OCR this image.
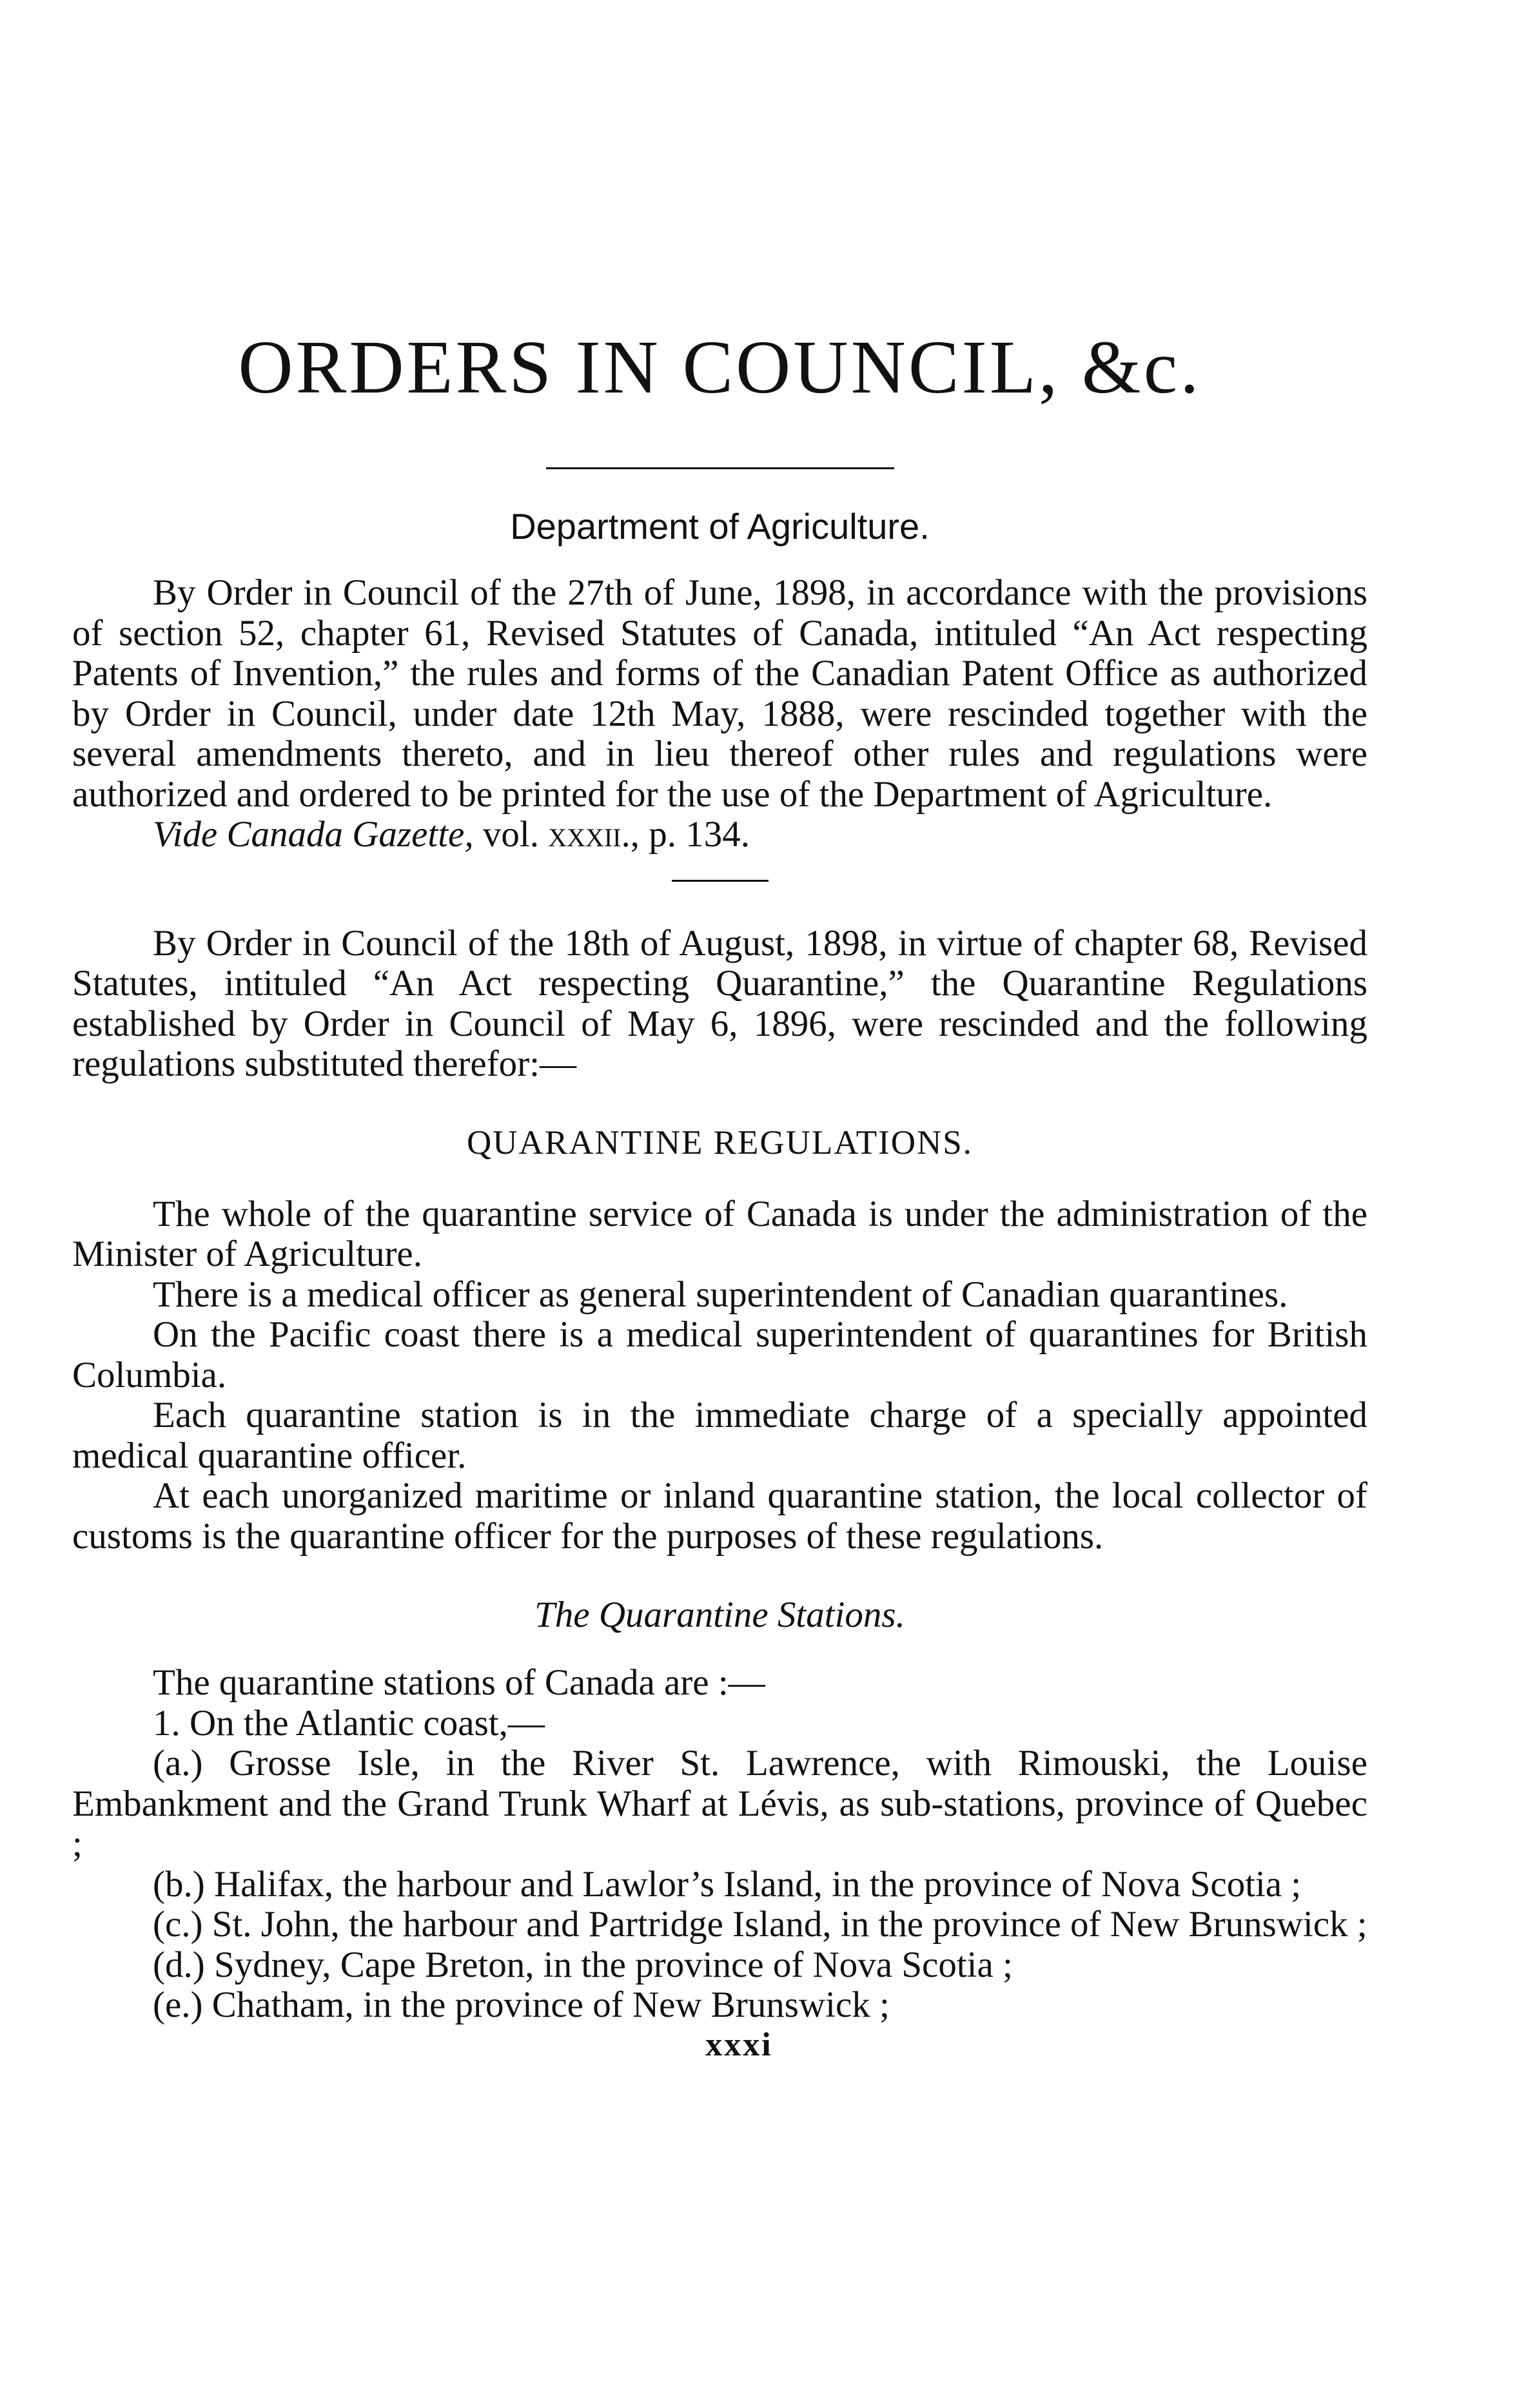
ORDERS IN COUNCIL, &c.
Department of Agriculture.

By Order in Council of the 27th of June, 1898, in accordance with the provisions of section 52, chapter 61, Revised Statutes of Canada, intituled “An Act respecting Patents of Invention,” the rules and forms of the Canadian Patent Office as authorized by Order in Council, under date 12th May, 1888, were rescinded together with the several amendments thereto, and in lieu thereof other rules and regulations were authorized and ordered to be printed for the use of the Department of Agriculture.

Vide Canada Gazette, vol. xxxii., p. 134.

By Order in Council of the 18th of August, 1898, in virtue of chapter 68, Revised Statutes, intituled “An Act respecting Quarantine,” the Quarantine Regulations established by Order in Council of May 6, 1896, were rescinded and the following regulations substituted therefor:—

QUARANTINE REGULATIONS.

The whole of the quarantine service of Canada is under the administration of the Minister of Agriculture.

There is a medical officer as general superintendent of Canadian quarantines.

On the Pacific coast there is a medical superintendent of quarantines for British Columbia.

Each quarantine station is in the immediate charge of a specially appointed medical quarantine officer.

At each unorganized maritime or inland quarantine station, the local collector of customs is the quarantine officer for the purposes of these regulations.

The Quarantine Stations.

The quarantine stations of Canada are :—

1. On the Atlantic coast,—

(a.) Grosse Isle, in the River St. Lawrence, with Rimouski, the Louise Embankment and the Grand Trunk Wharf at Lévis, as sub-stations, province of Quebec ;

(b.) Halifax, the harbour and Lawlor’s Island, in the province of Nova Scotia ;

(c.) St. John, the harbour and Partridge Island, in the province of New Brunswick ;

(d.) Sydney, Cape Breton, in the province of Nova Scotia ;

(e.) Chatham, in the province of New Brunswick ;

xxxi
